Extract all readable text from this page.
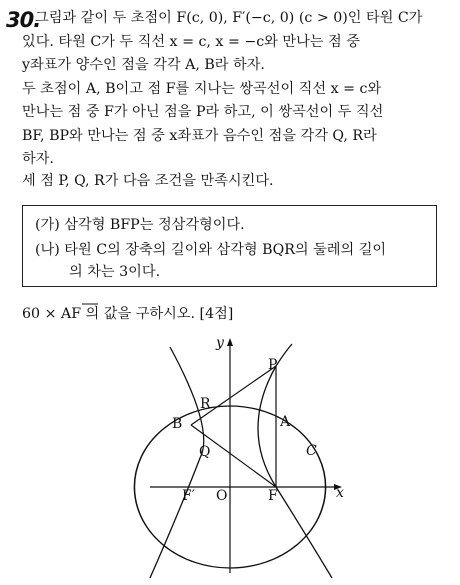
30.
그림과 같이 두 초점이 F(c, 0), F′(−c, 0) (c > 0)인 타원 C가
있다. 타원 C가 두 직선 x = c, x = −c와 만나는 점 중
y좌표가 양수인 점을 각각 A, B라 하자.
두 초점이 A, B이고 점 F를 지나는 쌍곡선이 직선 x = c와
만나는 점 중 F가 아닌 점을 P라 하고, 이 쌍곡선이 두 직선
BF, BP와 만나는 점 중 x좌표가 음수인 점을 각각 Q, R라
하자.
세 점 P, Q, R가 다음 조건을 만족시킨다.
(가) 삼각형 BFP는 정삼각형이다.
(나) 타원 C의 장축의 길이와 삼각형 BQR의 둘레의 길이
의 차는 3이다.
60 × AF 의 값을 구하시오. [4점]
y
x
O
P
A
B
R
Q
F
F′
C
